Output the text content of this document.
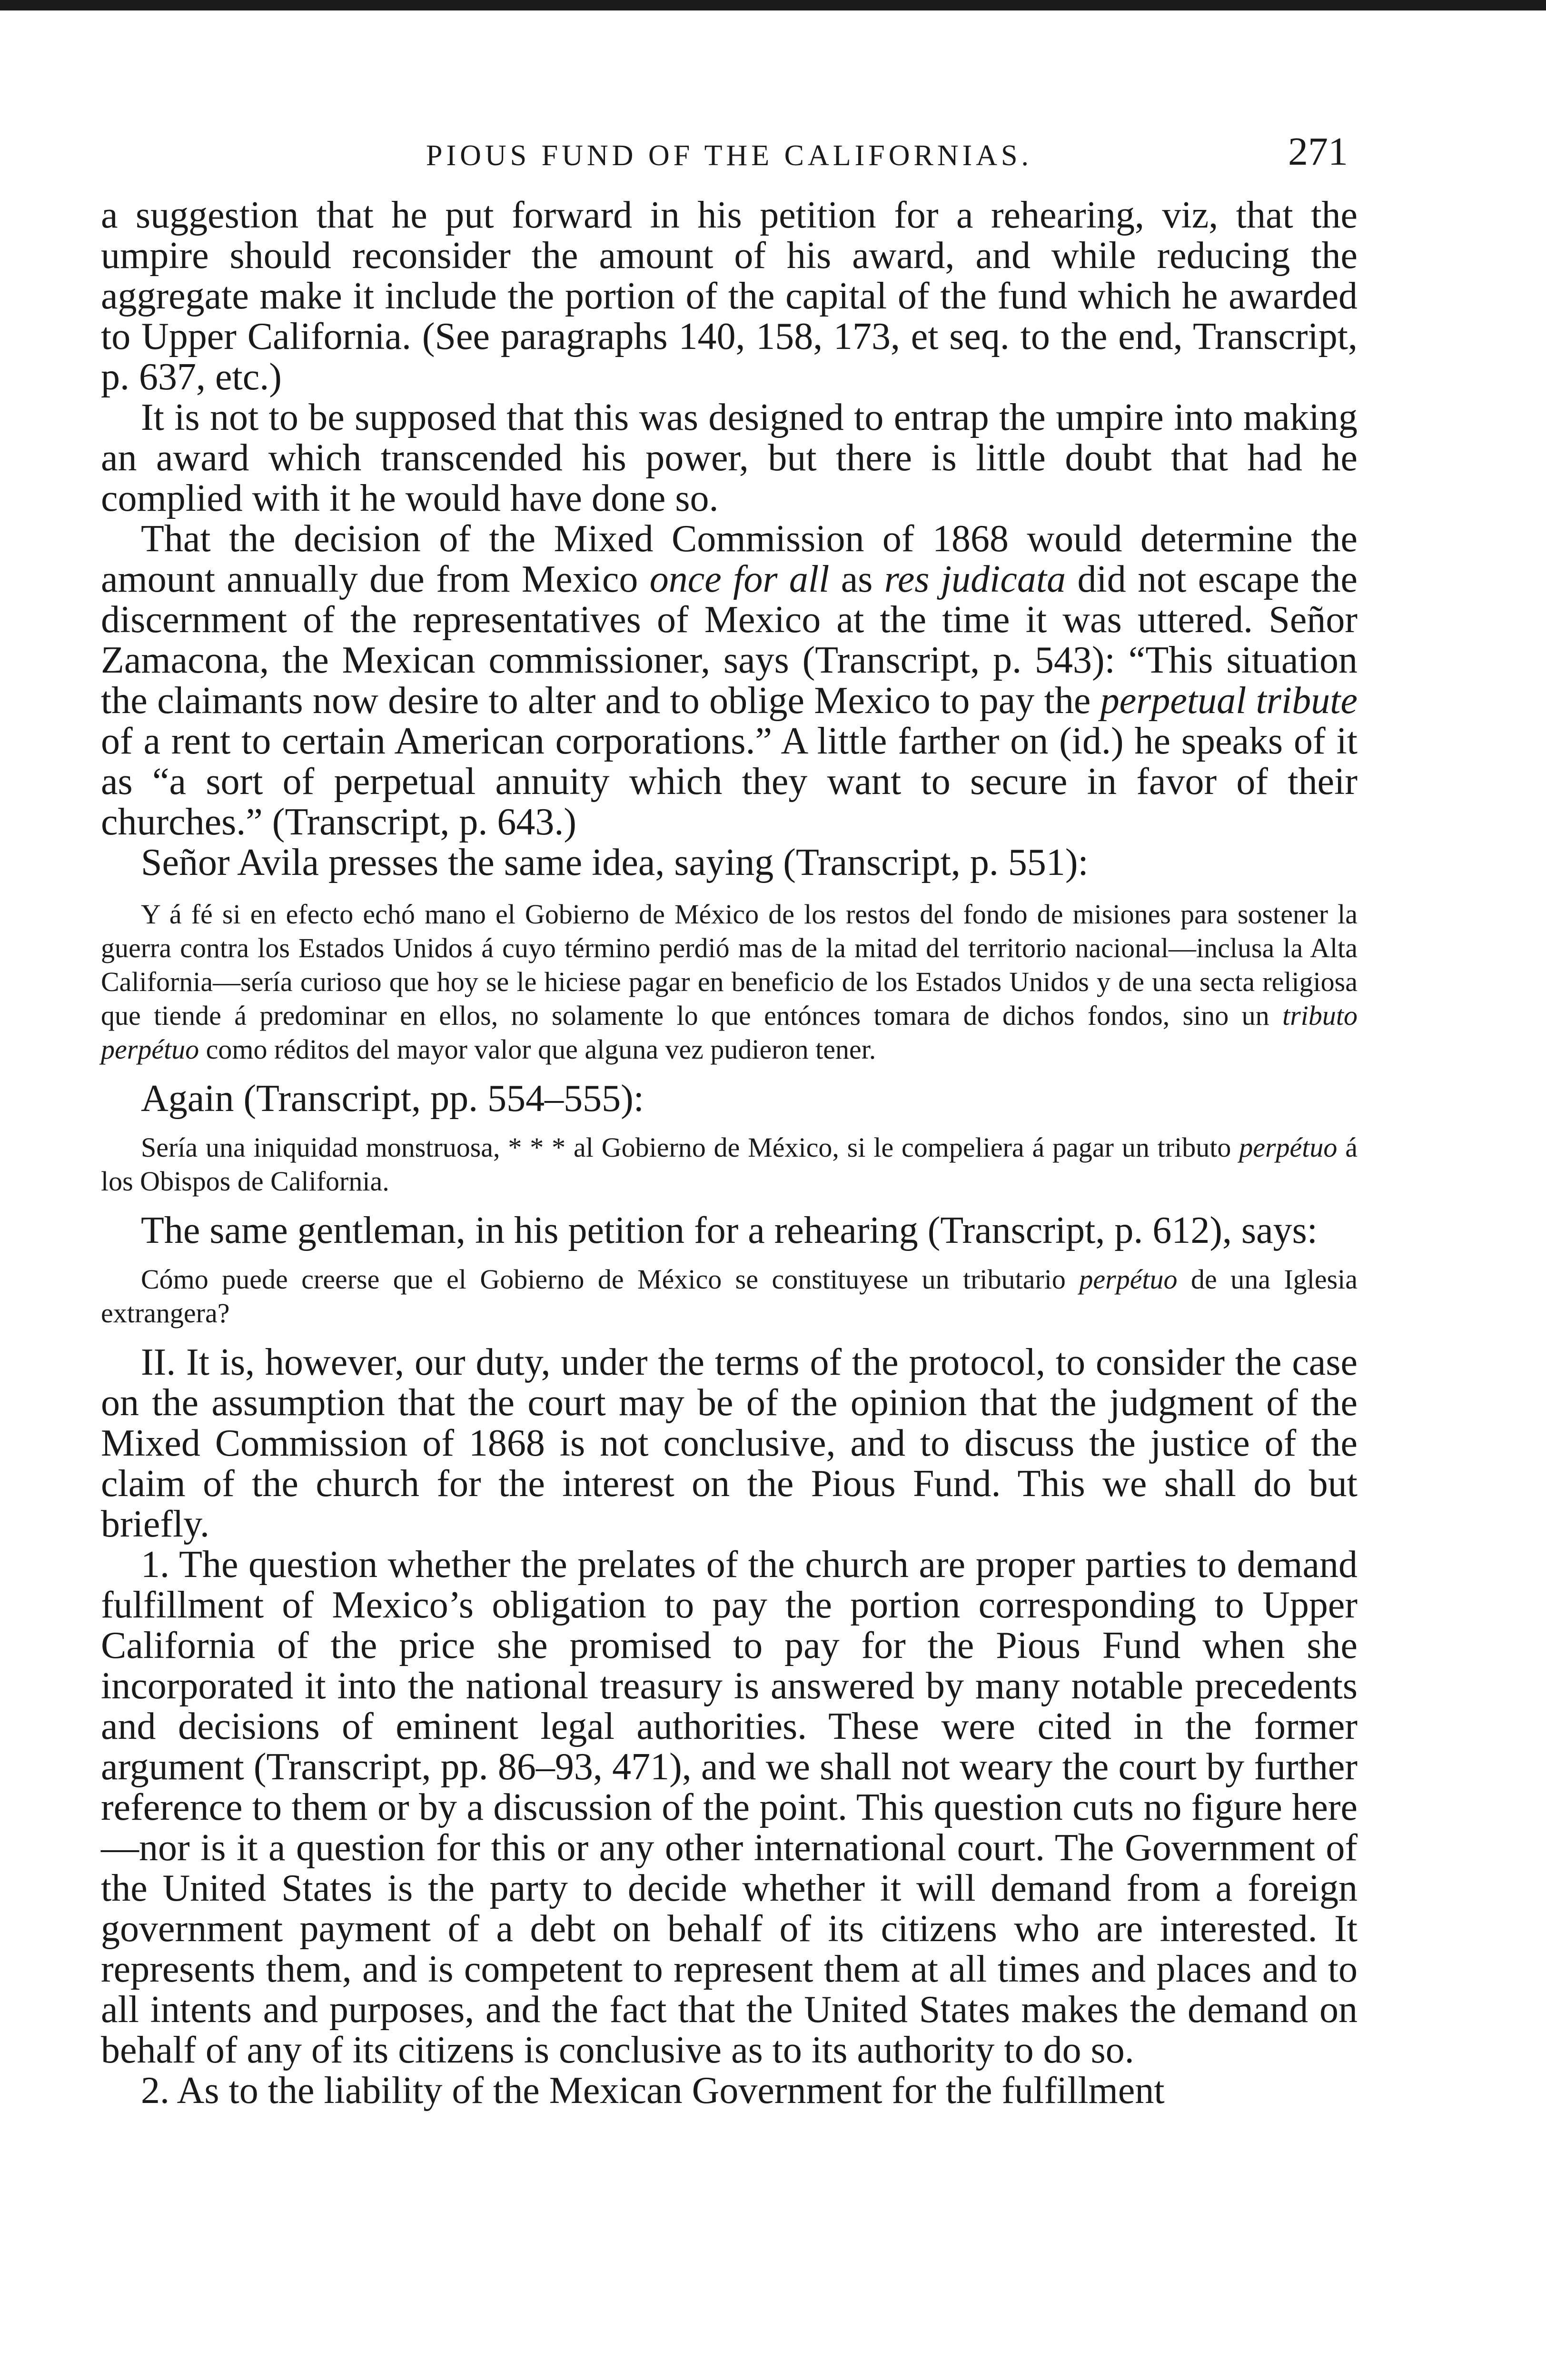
PIOUS FUND OF THE CALIFORNIAS.	271

a suggestion that he put forward in his petition for a rehearing, viz, that the umpire should reconsider the amount of his award, and while reducing the aggregate make it include the portion of the capital of the fund which he awarded to Upper California. (See paragraphs 140, 158, 173, et seq. to the end, Transcript, p. 637, etc.)

It is not to be supposed that this was designed to entrap the umpire into making an award which transcended his power, but there is little doubt that had he complied with it he would have done so.

That the decision of the Mixed Commission of 1868 would determine the amount annually due from Mexico once for all as res judicata did not escape the discernment of the representatives of Mexico at the time it was uttered. Señor Zamacona, the Mexican commissioner, says (Transcript, p. 543): “This situation the claimants now desire to alter and to oblige Mexico to pay the perpetual tribute of a rent to certain American corporations.” A little farther on (id.) he speaks of it as “a sort of perpetual annuity which they want to secure in favor of their churches.” (Transcript, p. 643.)

Señor Avila presses the same idea, saying (Transcript, p. 551):

Y á fé si en efecto echó mano el Gobierno de México de los restos del fondo de misiones para sostener la guerra contra los Estados Unidos á cuyo término perdió mas de la mitad del territorio nacional—inclusa la Alta California—sería curioso que hoy se le hiciese pagar en beneficio de los Estados Unidos y de una secta religiosa que tiende á predominar en ellos, no solamente lo que entónces tomara de dichos fondos, sino un tributo perpétuo como réditos del mayor valor que alguna vez pudieron tener.

Again (Transcript, pp. 554–555):

Sería una iniquidad monstruosa, * * * al Gobierno de México, si le compeliera á pagar un tributo perpétuo á los Obispos de California.

The same gentleman, in his petition for a rehearing (Transcript, p. 612), says:

Cómo puede creerse que el Gobierno de México se constituyese un tributario perpétuo de una Iglesia extrangera?

II. It is, however, our duty, under the terms of the protocol, to consider the case on the assumption that the court may be of the opinion that the judgment of the Mixed Commission of 1868 is not conclusive, and to discuss the justice of the claim of the church for the interest on the Pious Fund. This we shall do but briefly.

1. The question whether the prelates of the church are proper parties to demand fulfillment of Mexico’s obligation to pay the portion corresponding to Upper California of the price she promised to pay for the Pious Fund when she incorporated it into the national treasury is answered by many notable precedents and decisions of eminent legal authorities. These were cited in the former argument (Transcript, pp. 86–93, 471), and we shall not weary the court by further reference to them or by a discussion of the point. This question cuts no figure here—nor is it a question for this or any other international court. The Government of the United States is the party to decide whether it will demand from a foreign government payment of a debt on behalf of its citizens who are interested. It represents them, and is competent to represent them at all times and places and to all intents and purposes, and the fact that the United States makes the demand on behalf of any of its citizens is conclusive as to its authority to do so.

2. As to the liability of the Mexican Government for the fulfillment
